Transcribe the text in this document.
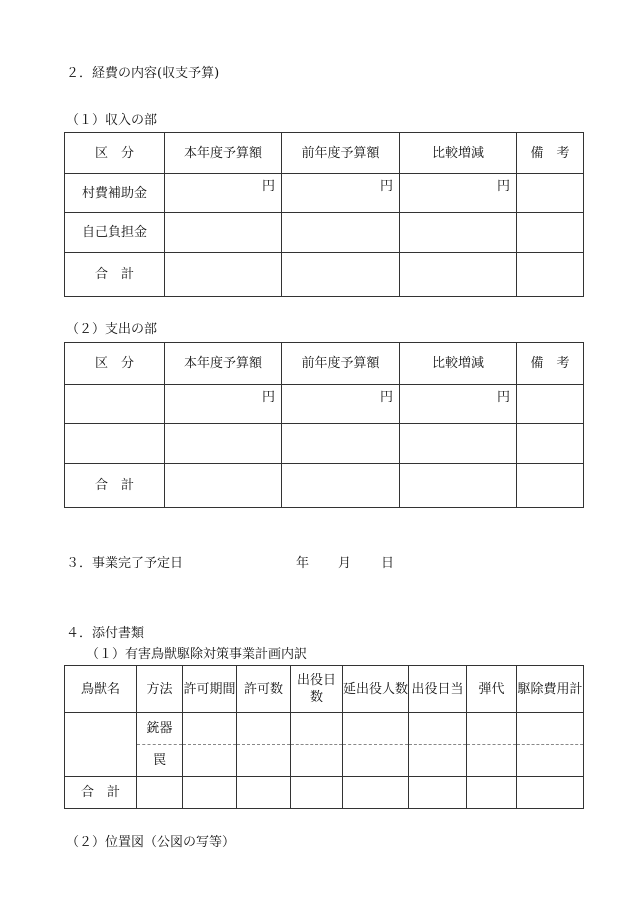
２．経費の内容(収支予算)
（１）収入の部
区　分	本年度予算額	前年度予算額	比較増減	備　考
村費補助金	円	円	円	
自己負担金				
合　計				
（２）支出の部
区　分	本年度予算額	前年度予算額	比較増減	備　考
	円	円	円	

合　計				
３．事業完了予定日	年 月 日
４．添付書類
（１）有害鳥獣駆除対策事業計画内訳
鳥獣名	方法	許可期間	許可数	出役日数	延出役人数	出役日当	弾代	駆除費用計
	銃器							
	罠							
合　計								
（２）位置図（公図の写等）
